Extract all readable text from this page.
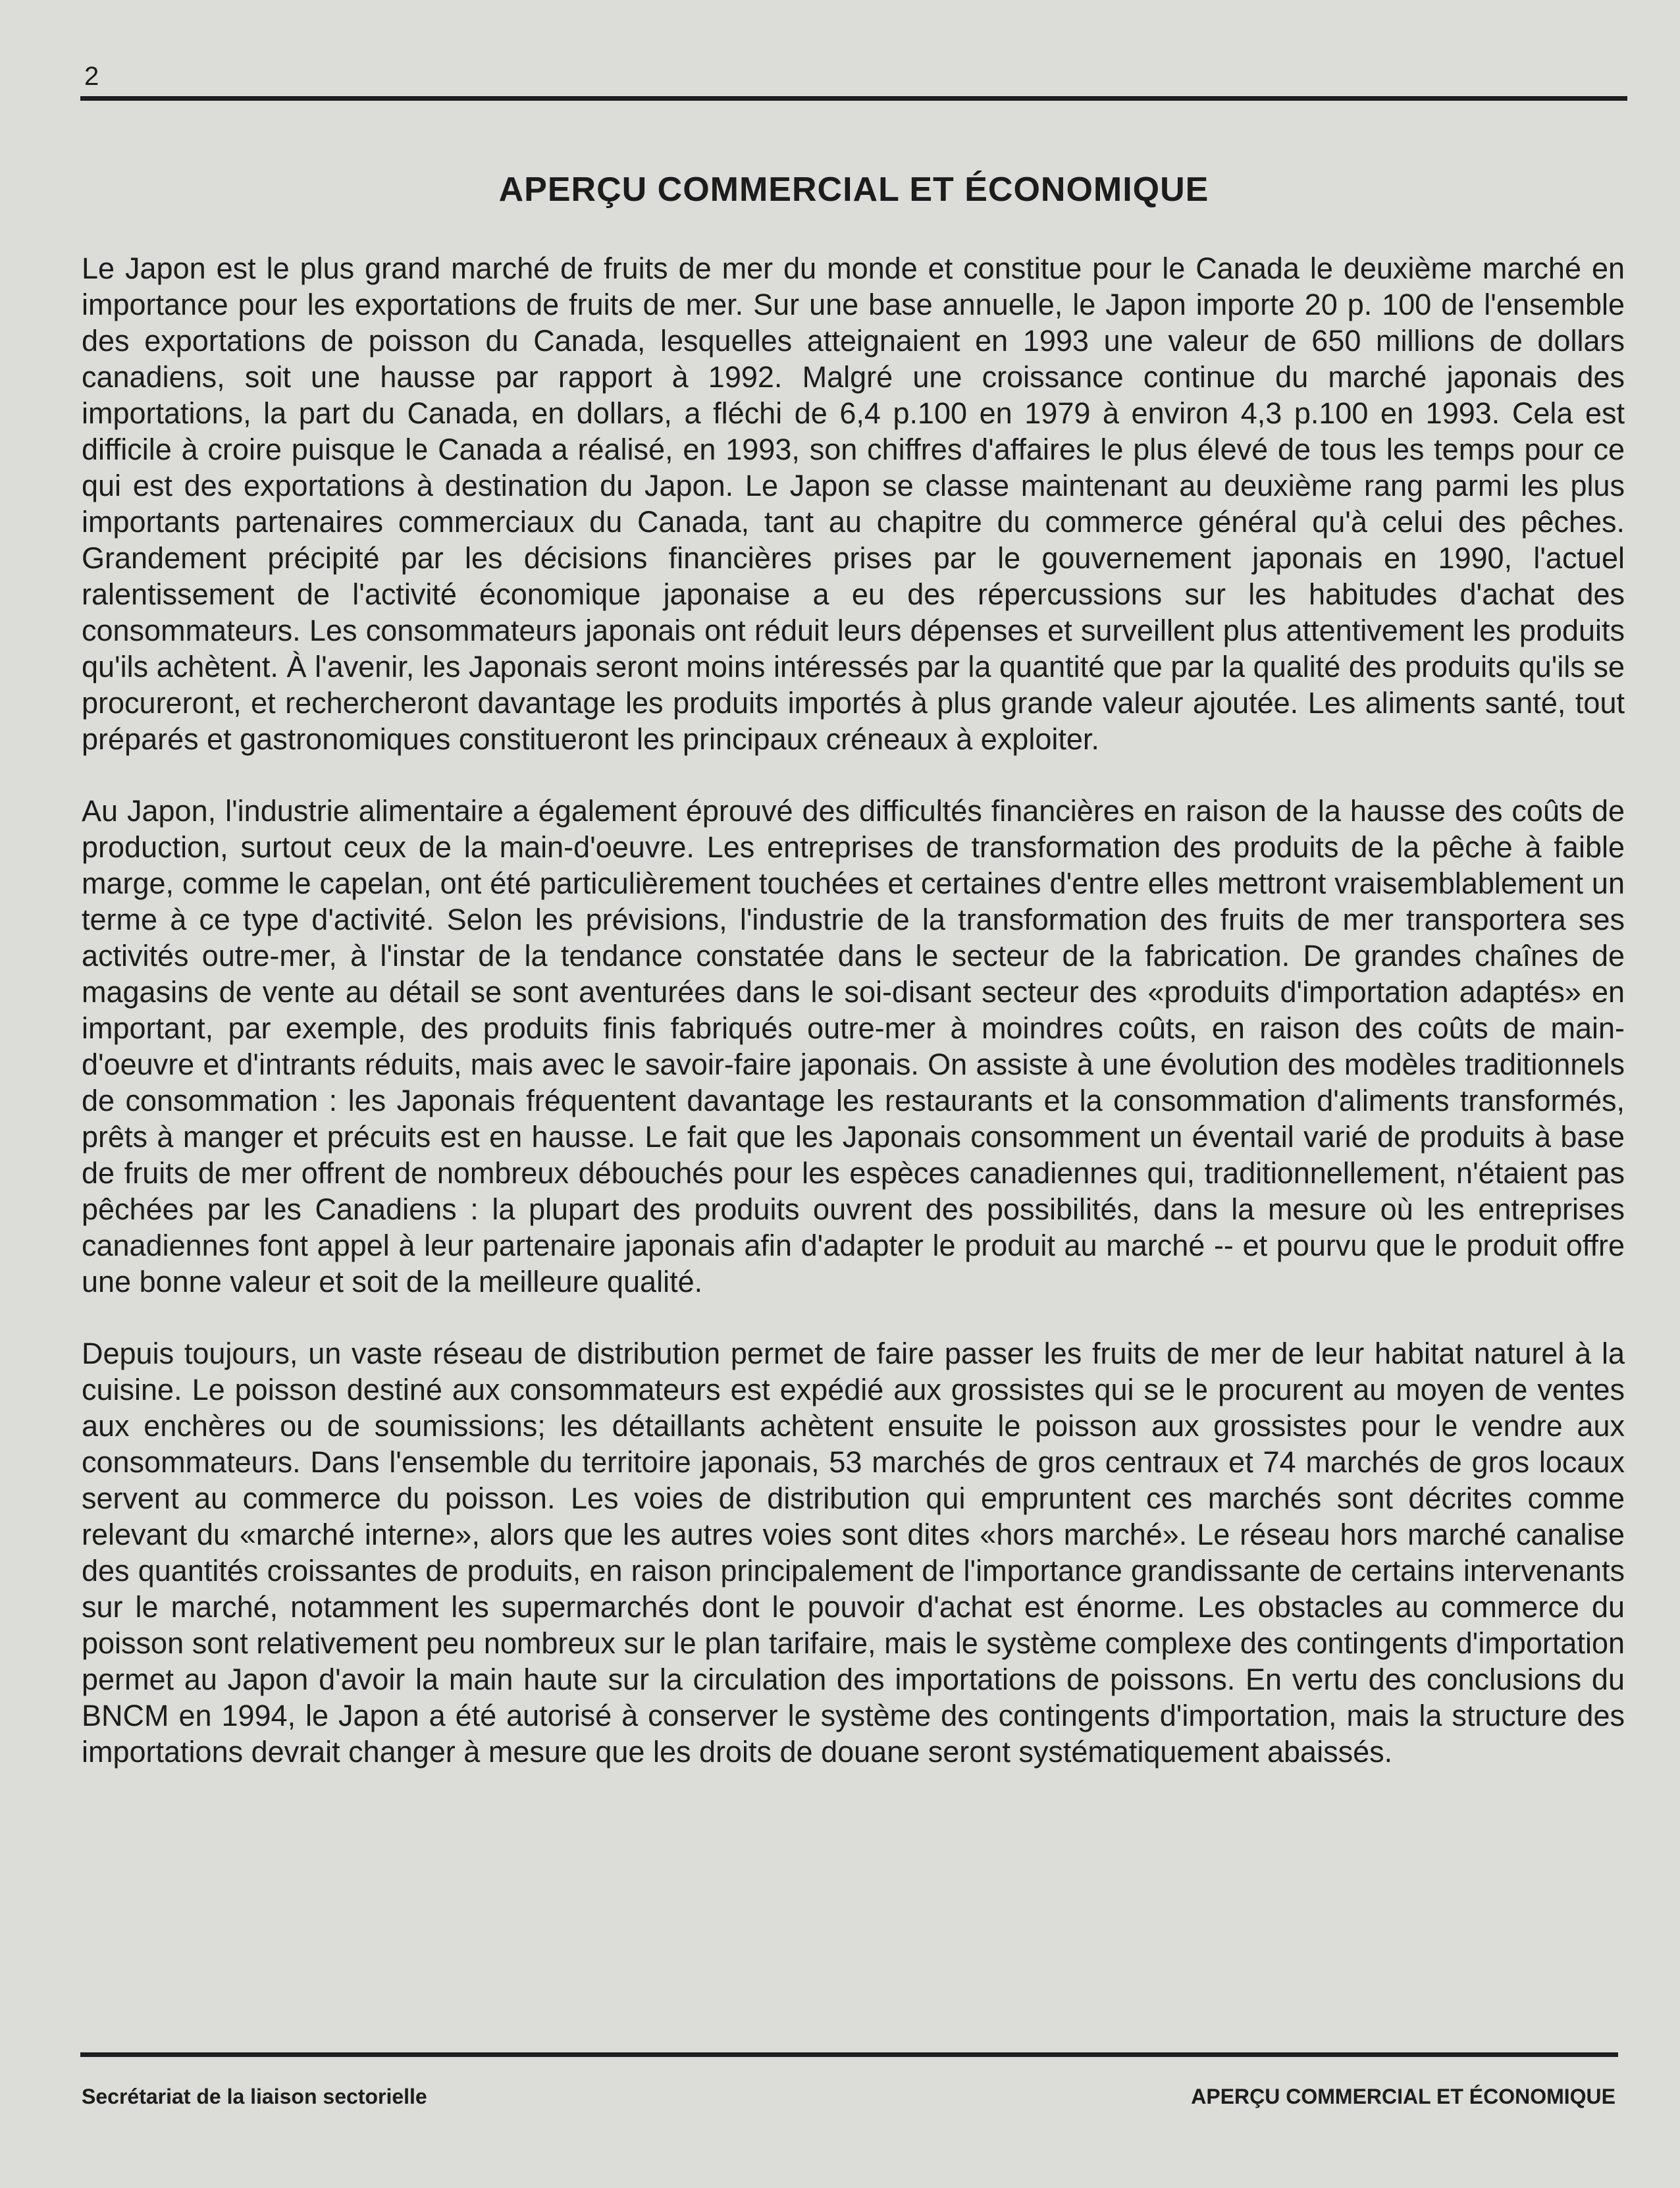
2
APERÇU COMMERCIAL ET ÉCONOMIQUE

Le Japon est le plus grand marché de fruits de mer du monde et constitue pour le Canada le deuxième marché en importance pour les exportations de fruits de mer. Sur une base annuelle, le Japon importe 20 p. 100 de l'ensemble des exportations de poisson du Canada, lesquelles atteignaient en 1993 une valeur de 650 millions de dollars canadiens, soit une hausse par rapport à 1992. Malgré une croissance continue du marché japonais des importations, la part du Canada, en dollars, a fléchi de 6,4 p.100 en 1979 à environ 4,3 p.100 en 1993. Cela est difficile à croire puisque le Canada a réalisé, en 1993, son chiffres d'affaires le plus élevé de tous les temps pour ce qui est des exportations à destination du Japon. Le Japon se classe maintenant au deuxième rang parmi les plus importants partenaires commerciaux du Canada, tant au chapitre du commerce général qu'à celui des pêches. Grandement précipité par les décisions financières prises par le gouvernement japonais en 1990, l'actuel ralentissement de l'activité économique japonaise a eu des répercussions sur les habitudes d'achat des consommateurs. Les consommateurs japonais ont réduit leurs dépenses et surveillent plus attentivement les produits qu'ils achètent. À l'avenir, les Japonais seront moins intéressés par la quantité que par la qualité des produits qu'ils se procureront, et rechercheront davantage les produits importés à plus grande valeur ajoutée. Les aliments santé, tout préparés et gastronomiques constitueront les principaux créneaux à exploiter.

Au Japon, l'industrie alimentaire a également éprouvé des difficultés financières en raison de la hausse des coûts de production, surtout ceux de la main-d'oeuvre. Les entreprises de transformation des produits de la pêche à faible marge, comme le capelan, ont été particulièrement touchées et certaines d'entre elles mettront vraisemblablement un terme à ce type d'activité. Selon les prévisions, l'industrie de la transformation des fruits de mer transportera ses activités outre-mer, à l'instar de la tendance constatée dans le secteur de la fabrication. De grandes chaînes de magasins de vente au détail se sont aventurées dans le soi-disant secteur des «produits d'importation adaptés» en important, par exemple, des produits finis fabriqués outre-mer à moindres coûts, en raison des coûts de main-d'oeuvre et d'intrants réduits, mais avec le savoir-faire japonais. On assiste à une évolution des modèles traditionnels de consommation : les Japonais fréquentent davantage les restaurants et la consommation d'aliments transformés, prêts à manger et précuits est en hausse. Le fait que les Japonais consomment un éventail varié de produits à base de fruits de mer offrent de nombreux débouchés pour les espèces canadiennes qui, traditionnellement, n'étaient pas pêchées par les Canadiens : la plupart des produits ouvrent des possibilités, dans la mesure où les entreprises canadiennes font appel à leur partenaire japonais afin d'adapter le produit au marché -- et pourvu que le produit offre une bonne valeur et soit de la meilleure qualité.

Depuis toujours, un vaste réseau de distribution permet de faire passer les fruits de mer de leur habitat naturel à la cuisine. Le poisson destiné aux consommateurs est expédié aux grossistes qui se le procurent au moyen de ventes aux enchères ou de soumissions; les détaillants achètent ensuite le poisson aux grossistes pour le vendre aux consommateurs. Dans l'ensemble du territoire japonais, 53 marchés de gros centraux et 74 marchés de gros locaux servent au commerce du poisson. Les voies de distribution qui empruntent ces marchés sont décrites comme relevant du «marché interne», alors que les autres voies sont dites «hors marché». Le réseau hors marché canalise des quantités croissantes de produits, en raison principalement de l'importance grandissante de certains intervenants sur le marché, notamment les supermarchés dont le pouvoir d'achat est énorme. Les obstacles au commerce du poisson sont relativement peu nombreux sur le plan tarifaire, mais le système complexe des contingents d'importation permet au Japon d'avoir la main haute sur la circulation des importations de poissons. En vertu des conclusions du BNCM en 1994, le Japon a été autorisé à conserver le système des contingents d'importation, mais la structure des importations devrait changer à mesure que les droits de douane seront systématiquement abaissés.

Secrétariat de la liaison sectorielle	APERÇU COMMERCIAL ET ÉCONOMIQUE
